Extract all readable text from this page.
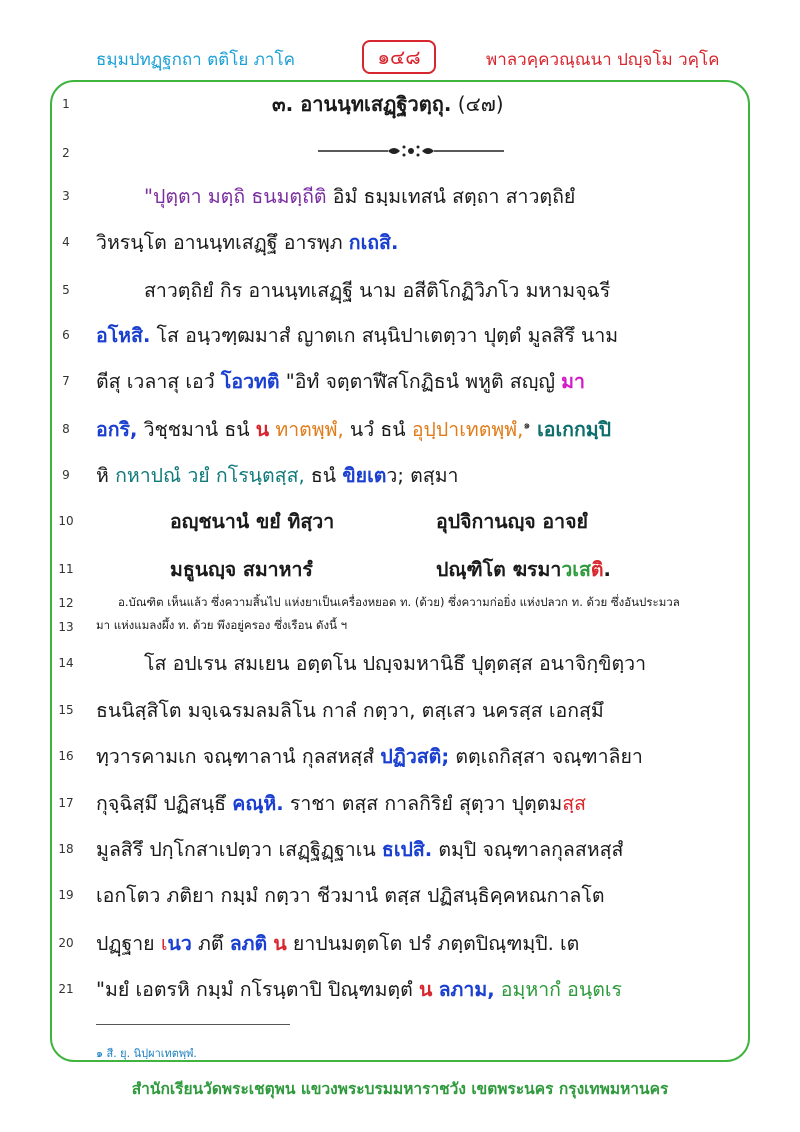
ธมฺมปทฏฺฐกถา ตติโย ภาโค	๑๔๘	พาลวคฺควณฺณนา ปญฺจโม วคฺโค
1
2
3
4
5
6
7
8
9
10
11
12
13
14
15
16
17
18
19
20
21
๓. อานนฺทเสฏฺฐิวตฺถุ. (๔๗)
"ปุตฺตา มตฺถิ ธนมตฺถีติ อิมํ ธมฺมเทสนํ สตฺถา สาวตฺถิยํ
วิหรนฺโต อานนฺทเสฏฺฐึ อารพฺภ กเถสิ.
สาวตฺถิยํ กิร อานนฺทเสฏฺฐี นาม อสีติโกฏิวิภโว มหามจฺฉรี
อโหสิ. โส อนฺวฑฺฒมาสํ ญาตเก สนฺนิปาเตตฺวา ปุตฺตํ มูลสิรึ นาม
ตีสุ เวลาสุ เอวํ โอวทติ "อิทํ จตฺตาฬีสโกฏิธนํ พหูติ สญฺญํ มา
อกริ, วิชฺชมานํ ธนํ น ทาตพฺพํ, นวํ ธนํ อุปฺปาเทตพฺพํ,$^๑$ เอเกกมฺปิ
หิ กหาปณํ วยํ กโรนฺตสฺส, ธนํ ขิยเตว; ตสฺมา
อญฺชนานํ ขยํ ทิสฺวา	อุปจิกานญฺจ อาจยํ
มธูนญฺจ สมาหารํ	ปณฺฑิโต ฆรมาวเสติ.
อ.บัณฑิต เห็นแล้ว ซึ่งความสิ้นไป แห่งยาเป็นเครื่องหยอด ท. (ด้วย) ซึ่งความก่อยิ่ง แห่งปลวก ท. ด้วย ซึ่งอันประมวล
มา แห่งแมลงผึ้ง ท. ด้วย พึงอยู่ครอง ซึ่งเรือน ดังนี้ ฯ
โส อปเรน สมเยน อตฺตโน ปญฺจมหานิธึ ปุตฺตสฺส อนาจิกฺขิตฺวา
ธนนิสฺสิโต มจฺเฉรมลมลิโน กาลํ กตฺวา, ตสฺเสว นครสฺส เอกสฺมึ
ทฺวารคามเก จณฺฑาลานํ กุลสหสฺสํ ปฏิวสติ; ตตฺเถกิสฺสา จณฺฑาลิยา
กุจฺฉิสฺมึ ปฏิสนฺธึ คณฺหิ. ราชา ตสฺส กาลกิริยํ สุตฺวา ปุตฺตมสฺส
มูลสิรึ ปกฺโกสาเปตฺวา เสฏฺฐิฏฺฐาเน ธเปสิ. ตมฺปิ จณฺฑาลกุลสหสฺสํ
เอกโตว ภติยา กมฺมํ กตฺวา ชีวมานํ ตสฺส ปฏิสนฺธิคฺคหณกาลโต
ปฏฺฐาย เนว ภตึ ลภติ น ยาปนมตฺตโต ปรํ ภตฺตปิณฺฑมฺปิ. เต
"มยํ เอตรหิ กมฺมํ กโรนฺตาปิ ปิณฺฑมตฺตํ น ลภาม, อมฺหากํ อนฺตเร
๑ สี. ยุ. นิปฺผาเทตพฺพํ.
สำนักเรียนวัดพระเชตุพน แขวงพระบรมมหาราชวัง เขตพระนคร กรุงเทพมหานคร
